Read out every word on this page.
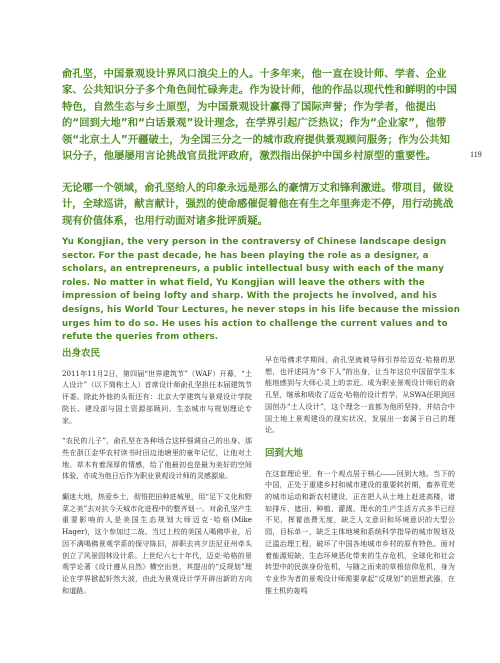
俞孔坚，中国景观设计界风口浪尖上的人。十多年来，他一直在设计师、学者、企业家、公共知识分子多个角色间忙碌奔走。作为设计师，他的作品以现代性和鲜明的中国特色，自然生态与乡土原型，为中国景观设计赢得了国际声誉；作为学者，他提出的“回到大地”和“白话景观”设计理念，在学界引起广泛热议；作为“企业家”，他带领“北京土人”开疆破土，为全国三分之一的城市政府提供景观顾问服务；作为公共知识分子，他屡屡用言论挑战官员批评政府，激烈指出保护中国乡村原型的重要性。
无论哪一个领域，俞孔坚给人的印象永远是那么的豪情万丈和锋利激进。带项目，做设计，全球巡讲，献言献计，强烈的使命感催促着他在有生之年里奔走不停，用行动挑战现有价值体系，也用行动面对诸多批评质疑。
Yu Kongjian, the very person in the contraversy of Chinese landscape design sector. For the past decade, he has been playing the role as a designer, a scholars, an entrepreneurs, a public intellectual busy with each of the many roles. No matter in what field, Yu Kongjian will leave the others with the impression of being lofty and sharp. With the projects he involved, and his designs, his World Tour Lectures, he never stops in his life because the mission urges him to do so. He uses his action to challenge the current values and to refute the queries from others.
119
出身农民

2011年11月2日，第四届“世界建筑节”（WAF）开幕，“土人设计”（以下简称土人）首席设计师俞孔坚担任本届建筑节评委。除此外他的头衔还有：北京大学建筑与景观设计学院院长、建设部与国土资源部顾问、生态城市与规划理论专家。

“农民的儿子”，俞孔坚在各种场合这样强调自己的出身。那些在浙江金华农村读书时田边池塘里的童年记忆，让他对土地、草木有着深厚的情感，给了他最初也是最为美好的空间体验，亦成为他日后作为职业景观设计师的灵感源泉。

癫迷大地，热爱乡土，彻悟把田种进城里，用“足下文化和野菜之美”去对抗今天城市化进程中的整齐划一。对俞孔坚产生重要影响的人是美国生态规划大师迈克·哈格(Mike Hager)，这个参加过二战、当过上校的美国人喝佛毕业，后因不满喝佛景观学系的保守陈旧，辞职去宾夕法尼亚州牵头创立了风景园林设计系。上世纪六七十年代，迈克·哈格的景观学论著《设计遵从自然》横空出世，其提出的“反规划”理论在学界掀起轩然大波，由此为景观设计学开辟出新的方向和道路。

早在哈佛求学期间，俞孔坚就被导师引荐给迈克·哈格的思想，也评述同为“乡下人”的出身，让当年这位中国留学生本能地感到与大师心灵上的亲近。成为职业景观设计师后的俞孔坚，继承和吸收了迈克·哈格的设计哲学，从SWA任职到回国创办“土人设计”，这个理念一直都为他所坚持，并结合中国土地上景观建设的现实状况，发展出一套属于自己的理论。

回到大地

在这套理论里，有一个观点居于核心——回到大地。当下的中国，正处于重建乡村和城市建设的重要转折期，畜养荒芜的城市运动和新农村建设，正在把人从土地上赶进高楼，诸如排斥，遮田、种植、灌溉、理水的生产生活方式多半已经不见，挥霍浪费无度，缺乏人文意识和环境意识的大型公园，目标单一，缺乏主体地境和系统科学指导的城市规划及泛滥治理工程，破坏了中国各地城市乡村的原有特色。面对着能源短缺、生态环境恶化带来的生存危机，全球化和社会转型中的民族身份危机，与随之而来的草根信仰危机，身为专业作为者的景观设计师需要拿起“反规划”的思想武器，在推土机的轰鸣
